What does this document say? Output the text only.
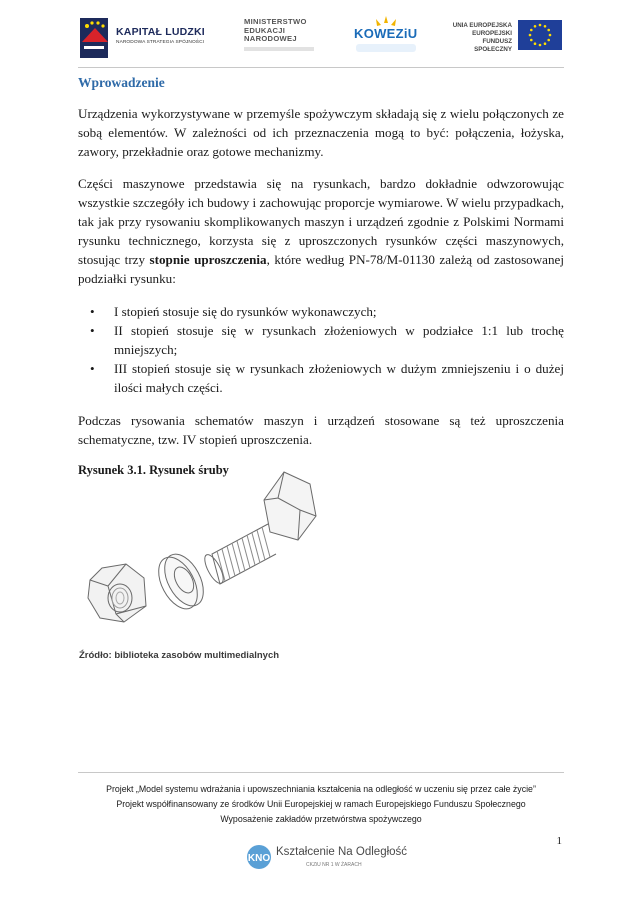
KAPITAŁ LUDZKI
NARODOWA STRATEGIA SPÓJNOŚCI
MINISTERSTWO
EDUKACJI
NARODOWEJ	KOWEZiU
UNIA EUROPEJSKA
EUROPEJSKI
FUNDUSZ SPOŁECZNY
Wprowadzenie

Urządzenia wykorzystywane w przemyśle spożywczym składają się z wielu połączonych ze sobą elementów. W zależności od ich przeznaczenia mogą to być: połączenia, łożyska, zawory, przekładnie oraz gotowe mechanizmy.

Części maszynowe przedstawia się na rysunkach, bardzo dokładnie odwzorowując wszystkie szczegóły ich budowy i zachowując proporcje wymiarowe. W wielu przypadkach, tak jak przy rysowaniu skomplikowanych maszyn i urządzeń zgodnie z Polskimi Normami rysunku technicznego, korzysta się z uproszczonych rysunków części maszynowych, stosując trzy stopnie uproszczenia, które według PN-78/M-01130 zależą od zastosowanej podziałki rysunku:

• I stopień stosuje się do rysunków wykonawczych;
• II stopień stosuje się w rysunkach złożeniowych w podziałce 1:1 lub trochę mniejszych;
• III stopień stosuje się w rysunkach złożeniowych w dużym zmniejszeniu i o dużej ilości małych części.

Podczas rysowania schematów maszyn i urządzeń stosowane są też uproszczenia schematyczne, tzw. IV stopień uproszczenia.

Rysunek 3.1. Rysunek śruby
Źródło: biblioteka zasobów multimedialnych
Projekt „Model systemu wdrażania i upowszechniania kształcenia na odległość w uczeniu się przez całe życie”
Projekt współfinansowany ze środków Unii Europejskiej w ramach Europejskiego Funduszu Społecznego
Wyposażenie zakładów przetwórstwa spożywczego
1
KNO
Kształcenie Na Odległość
CKZiU NR 1 W ŻARACH
